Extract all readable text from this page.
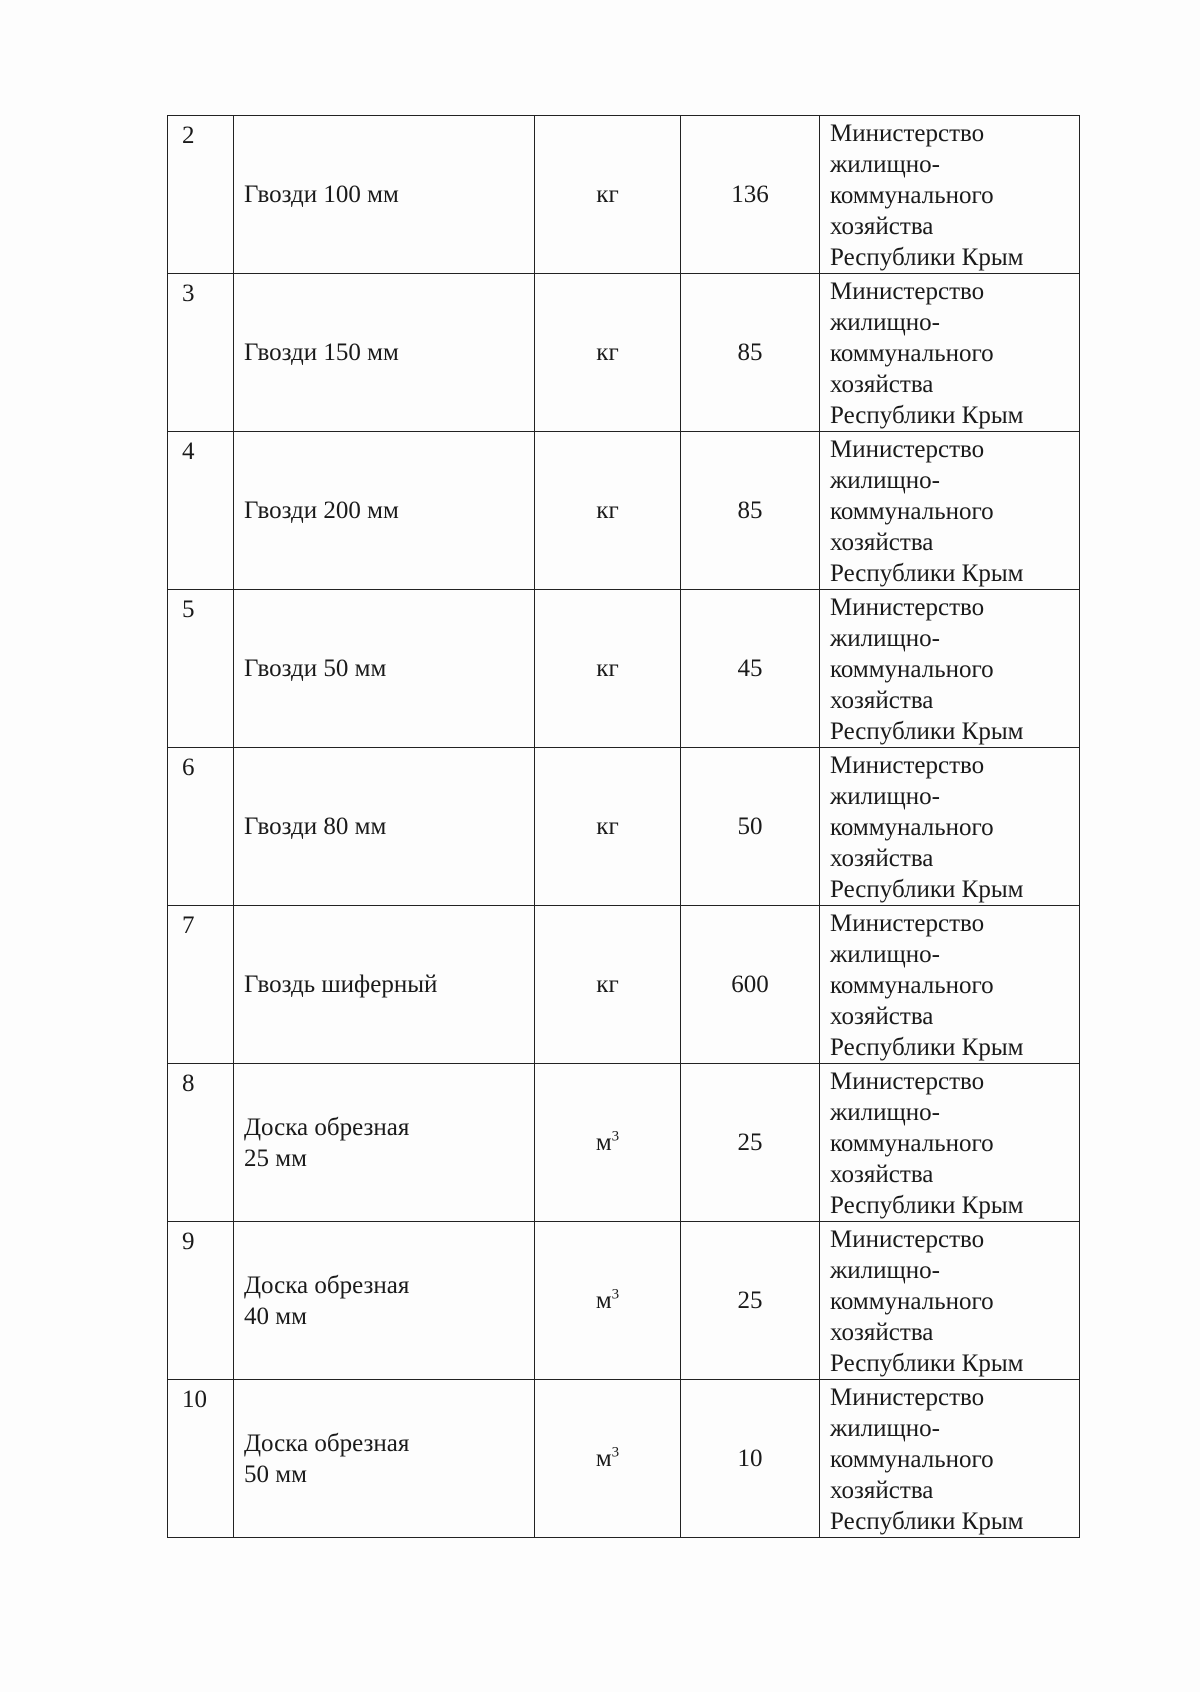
2	Гвозди 100 мм	кг	136	Министерство
жилищно-
коммунального
хозяйства
Республики Крым

3	Гвозди 150 мм	кг	85	Министерство
жилищно-
коммунального
хозяйства
Республики Крым

4	Гвозди 200 мм	кг	85	Министерство
жилищно-
коммунального
хозяйства
Республики Крым

5	Гвозди 50 мм	кг	45	Министерство
жилищно-
коммунального
хозяйства
Республики Крым

6	Гвозди 80 мм	кг	50	Министерство
жилищно-
коммунального
хозяйства
Республики Крым

7	Гвоздь шиферный	кг	600	Министерство
жилищно-
коммунального
хозяйства
Республики Крым

8	Доска обрезная
25 мм	$м^3$	25	Министерство
жилищно-
коммунального
хозяйства
Республики Крым

9	Доска обрезная
40 мм	$м^3$	25	Министерство
жилищно-
коммунального
хозяйства
Республики Крым

10	Доска обрезная
50 мм	$м^3$	10	Министерство
жилищно-
коммунального
хозяйства
Республики Крым
